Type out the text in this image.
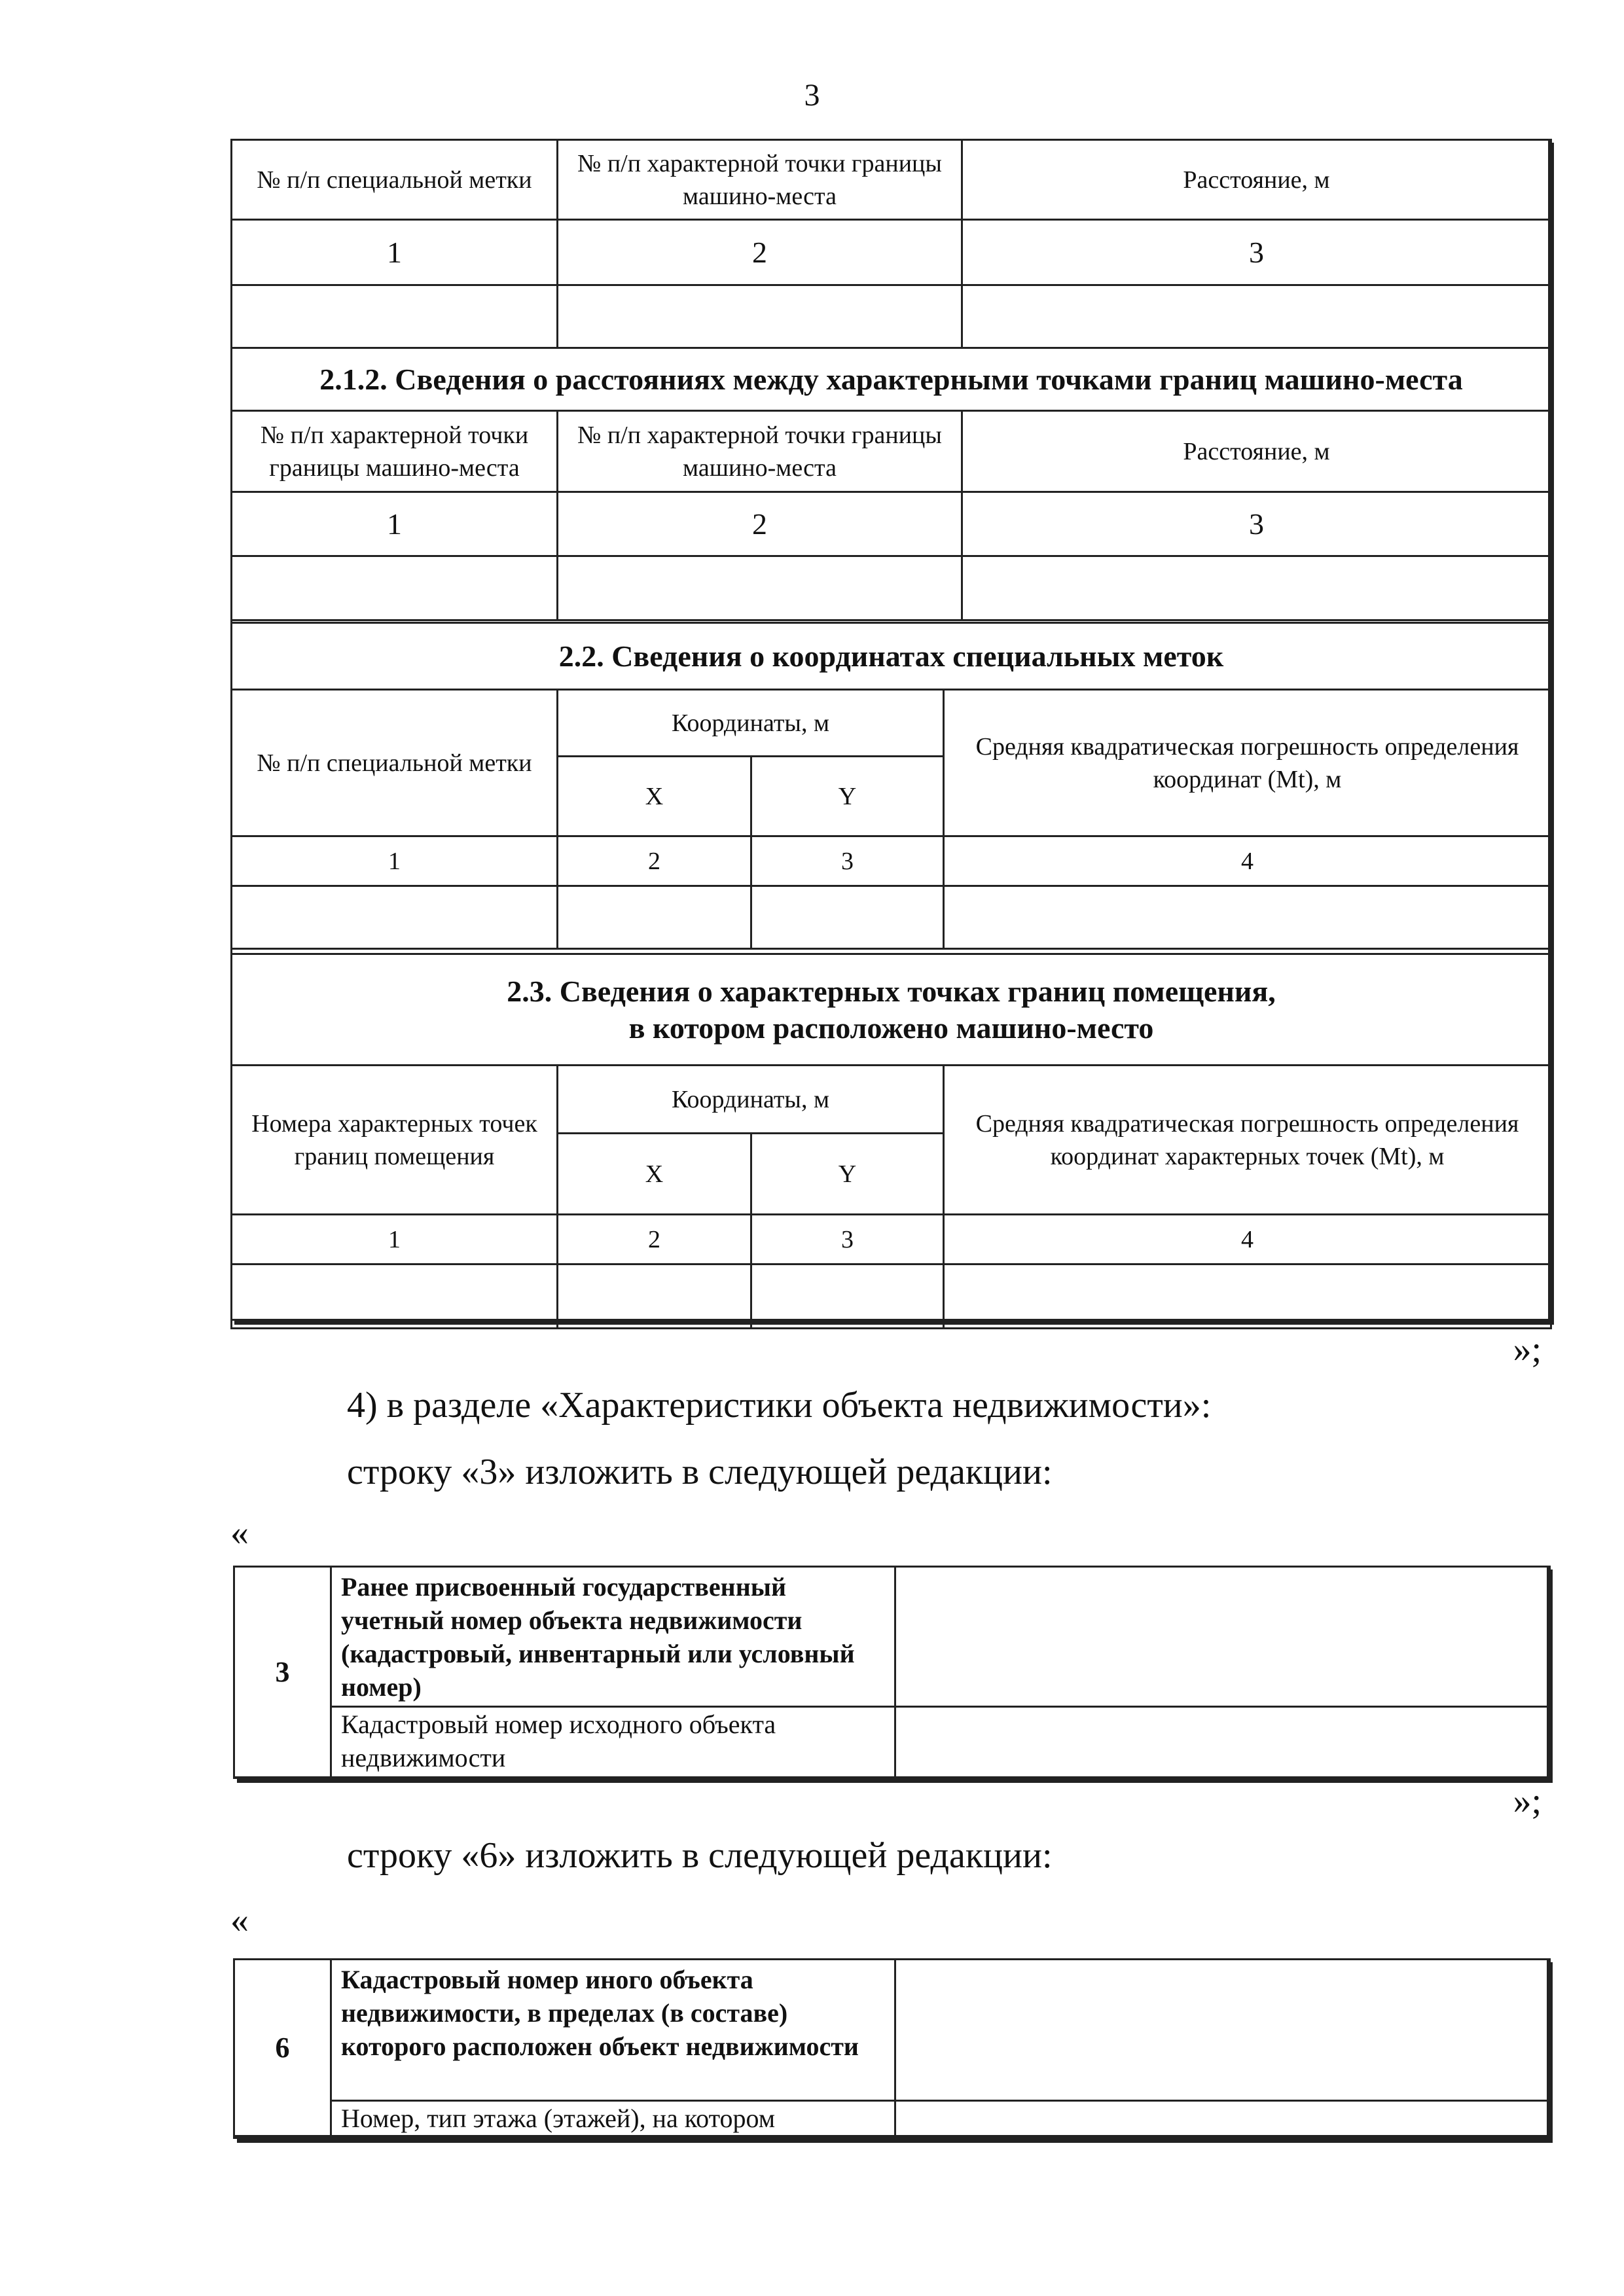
3
№ п/п специальной метки	№ п/п характерной точки границы машино-места	Расстояние, м
1	2	3

2.1.2. Сведения о расстояниях между характерными точками границ машино-места		
№ п/п характерной точки границы машино-места	№ п/п характерной точки границы машино-места	Расстояние, м
1	2	3

2.2. Сведения о координатах специальных меток			
№ п/п специальной метки	Координаты, м		Средняя квадратическая погрешность определения координат (Mt), м
	X	Y	
1	2	3	4

2.3. Сведения о характерных точках границ помещения,
в котором расположено машино-место			

Номера характерных точек границ помещения	Координаты, м		Средняя квадратическая погрешность определения координат характерных точек (Mt), м
	X	Y	
1	2	3	4

»;
4) в разделе «Характеристики объекта недвижимости»:
строку «3» изложить в следующей редакции:
«
3	Ранее присвоенный государственный учетный номер объекта недвижимости (кадастровый, инвентарный или условный номер)	
	Кадастровый номер исходного объекта недвижимости	
»;
строку «6» изложить в следующей редакции:
«
6	Кадастровый номер иного объекта недвижимости, в пределах (в составе) которого расположен объект недвижимости	
	Номер, тип этажа (этажей), на котором	
